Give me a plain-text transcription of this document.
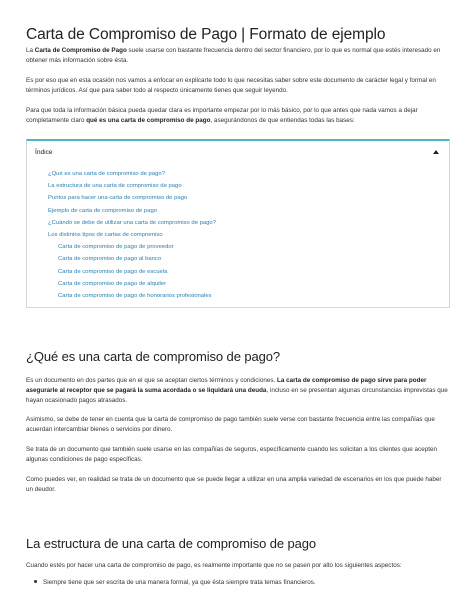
Carta de Compromiso de Pago | Formato de ejemplo

La Carta de Compromiso de Pago suele usarse con bastante frecuencia dentro del sector financiero, por lo que es normal que estés interesado en obtener más información sobre ésta.

Es por eso que en esta ocasión nos vamos a enfocar en explicarte todo lo que necesitas saber sobre este documento de carácter legal y formal en términos jurídicos. Así que para saber todo al respecto únicamente tienes que seguir leyendo.

Para que toda la información básica pueda quedar clara es importante empezar por lo más básico, por lo que antes que nada vamos a dejar completamente claro qué es una carta de compromiso de pago, asegurándonos de que entiendas todas las bases:

Índice
¿Qué es una carta de compromiso de pago?
La estructura de una carta de compromiso de pago
Puntos para hacer una carta de compromiso de pago
Ejemplo de carta de compromiso de pago
¿Cuándo se debe de utilizar una carta de compromiso de pago?
Los distintos tipos de cartas de compromiso
Carta de compromiso de pago de proveedor
Carta de compromiso de pago al banco
Carta de compromiso de pago de escuela
Carta de compromiso de pago de alquiler
Carta de compromiso de pago de honorarios profesionales
¿Qué es una carta de compromiso de pago?

Es un documento en dos partes que en el que se aceptan ciertos términos y condiciones. La carta de compromiso de pago sirve para poder asegurarle al receptor que se pagará la suma acordada o se liquidará una deuda, incluso en se presentan algunas circunstancias imprevistas que hayan ocasionado pagos atrasados.

Asimismo, se debe de tener en cuenta que la carta de compromiso de pago también suele verse con bastante frecuencia entre las compañías que acuerdan intercambiar bienes o servicios por dinero.

Se trata de un documento que también suele usarse en las compañías de seguros, específicamente cuando les solicitan a los clientes que acepten algunas condiciones de pago específicas.

Como puedes ver, en realidad se trata de un documento que se puede llegar a utilizar en una amplia variedad de escenarios en los que puede haber un deudor.

La estructura de una carta de compromiso de pago

Cuando estés por hacer una carta de compromiso de pago, es realmente importante que no se pasen por alto los siguientes aspectos:

Siempre tiene que ser escrita de una manera formal, ya que ésta siempre trata temas financieros.
